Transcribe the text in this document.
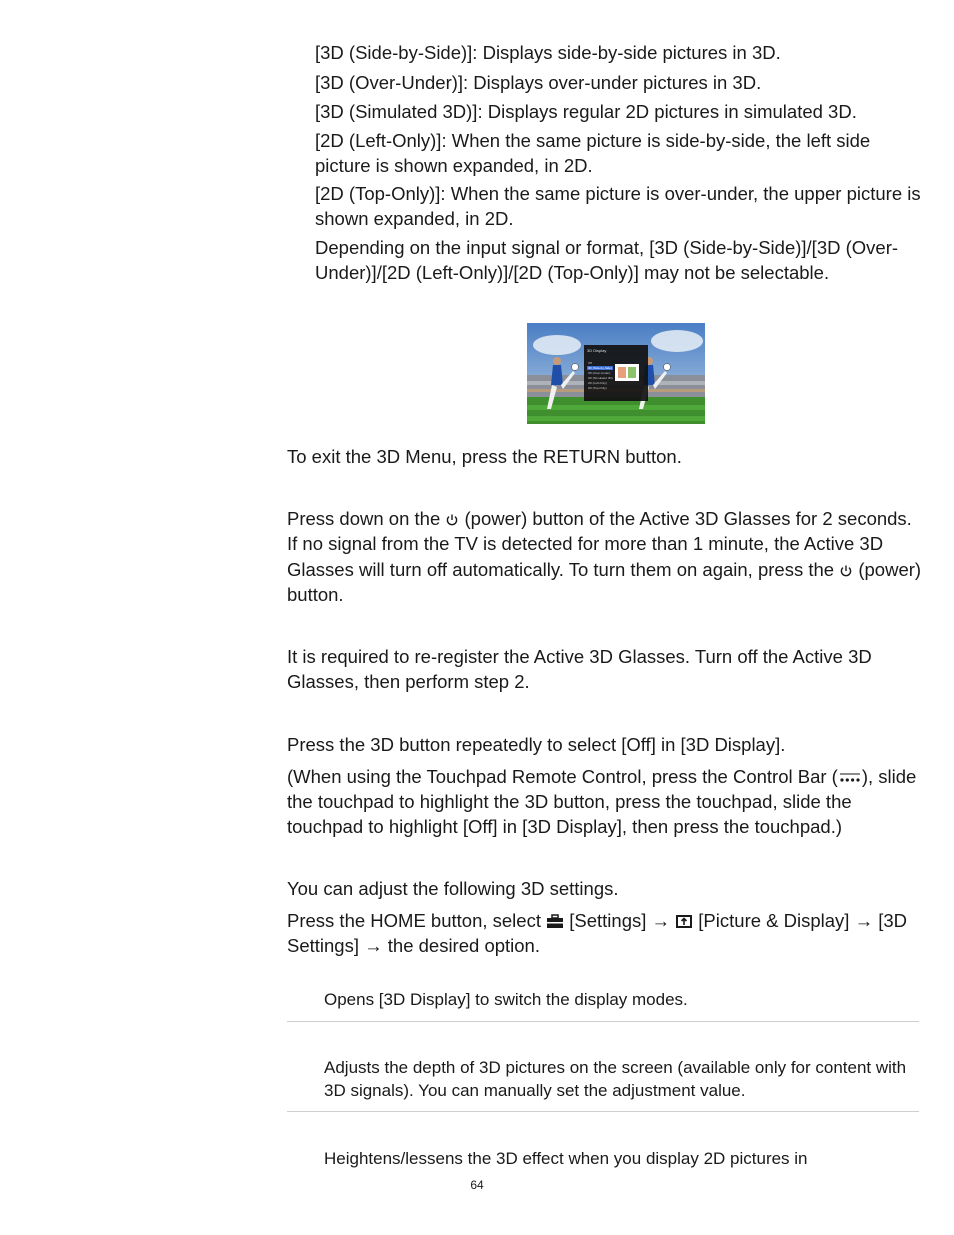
[3D (Side-by-Side)]: Displays side-by-side pictures in 3D.

[3D (Over-Under)]: Displays over-under pictures in 3D.

[3D (Simulated 3D)]: Displays regular 2D pictures in simulated 3D.

[2D (Left-Only)]: When the same picture is side-by-side, the left side picture is shown expanded, in 2D.

[2D (Top-Only)]: When the same picture is over-under, the upper picture is shown expanded, in 2D.

Depending on the input signal or format, [3D (Side-by-Side)]/[3D (Over-Under)]/[2D (Left-Only)]/[2D (Top-Only)] may not be selectable.

3D Display
Off
3D (Side-by-Side)
3D (Over-Under)
3D (Simulated 3D)
2D (Left-Only)
2D (Top-Only)

To exit the 3D Menu, press the RETURN button.

Press down on the (power) button of the Active 3D Glasses for 2 seconds. If no signal from the TV is detected for more than 1 minute, the Active 3D Glasses will turn off automatically. To turn them on again, press the (power) button.

It is required to re-register the Active 3D Glasses. Turn off the Active 3D Glasses, then perform step 2.

Press the 3D button repeatedly to select [Off] in [3D Display].

(When using the Touchpad Remote Control, press the Control Bar ( ), slide the touchpad to highlight the 3D button, press the touchpad, slide the touchpad to highlight [Off] in [3D Display], then press the touchpad.)

You can adjust the following 3D settings.

Press the HOME button, select [Settings] → [Picture & Display] → [3D Settings] → the desired option.

Opens [3D Display] to switch the display modes.

Adjusts the depth of 3D pictures on the screen (available only for content with 3D signals). You can manually set the adjustment value.

Heightens/lessens the 3D effect when you display 2D pictures in

64
